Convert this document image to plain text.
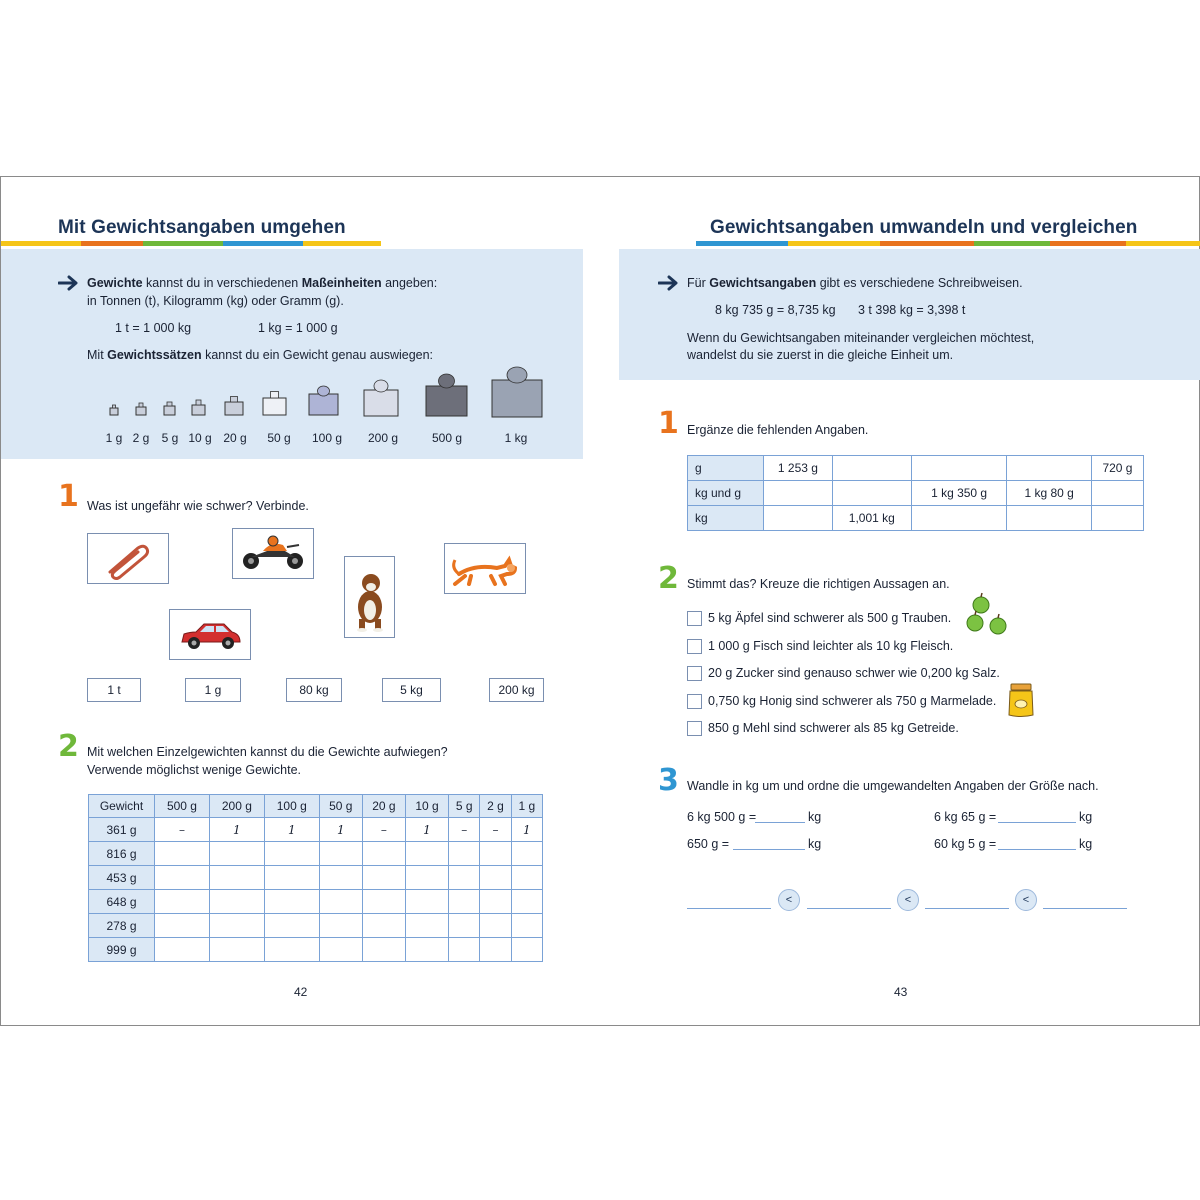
Mit Gewichtsangaben umgehen
Gewichte kannst du in verschiedenen Maßeinheiten angeben:
in Tonnen (t), Kilogramm (kg) oder Gramm (g).
1 t = 1 000 kg	1 kg = 1 000 g
Mit Gewichtssätzen kannst du ein Gewicht genau auswiegen:
1 g 2 g 5 g 10 g 20 g 50 g 100 g 200 g	500 g	1 kg
1 Was ist ungefähr wie schwer? Verbinde.
1 t	1 g	80 kg	5 kg	200 kg
2 Mit welchen Einzelgewichten kannst du die Gewichte aufwiegen?
Verwende möglichst wenige Gewichte.
Gewicht	500 g	200 g	100 g	50 g	20 g	10 g	5 g	2 g	1 g
361 g	–	1	1	1	–	1	–	–	1
816 g									
453 g									
648 g									
278 g									
999 g									
42
Gewichtsangaben umwandeln und vergleichen
Für Gewichtsangaben gibt es verschiedene Schreibweisen.
8 kg 735 g = 8,735 kg 3 t 398 kg = 3,398 t
Wenn du Gewichtsangaben miteinander vergleichen möchtest,
wandelst du sie zuerst in die gleiche Einheit um.
1 Ergänze die fehlenden Angaben.
g	1 253 g				720 g
kg und g			1 kg 350 g	1 kg 80 g	
kg		1,001 kg			
2 Stimmt das? Kreuze die richtigen Aussagen an.
5 kg Äpfel sind schwerer als 500 g Trauben.
1 000 g Fisch sind leichter als 10 kg Fleisch.
20 g Zucker sind genauso schwer wie 0,200 kg Salz.
0,750 kg Honig sind schwerer als 750 g Marmelade.
850 g Mehl sind schwerer als 85 kg Getreide.
3 Wandle in kg um und ordne die umgewandelten Angaben der Größe nach.
6 kg 500 g =	kg	6 kg 65 g =	kg
650 g =	kg	60 kg 5 g =	kg
<	<	<
43
